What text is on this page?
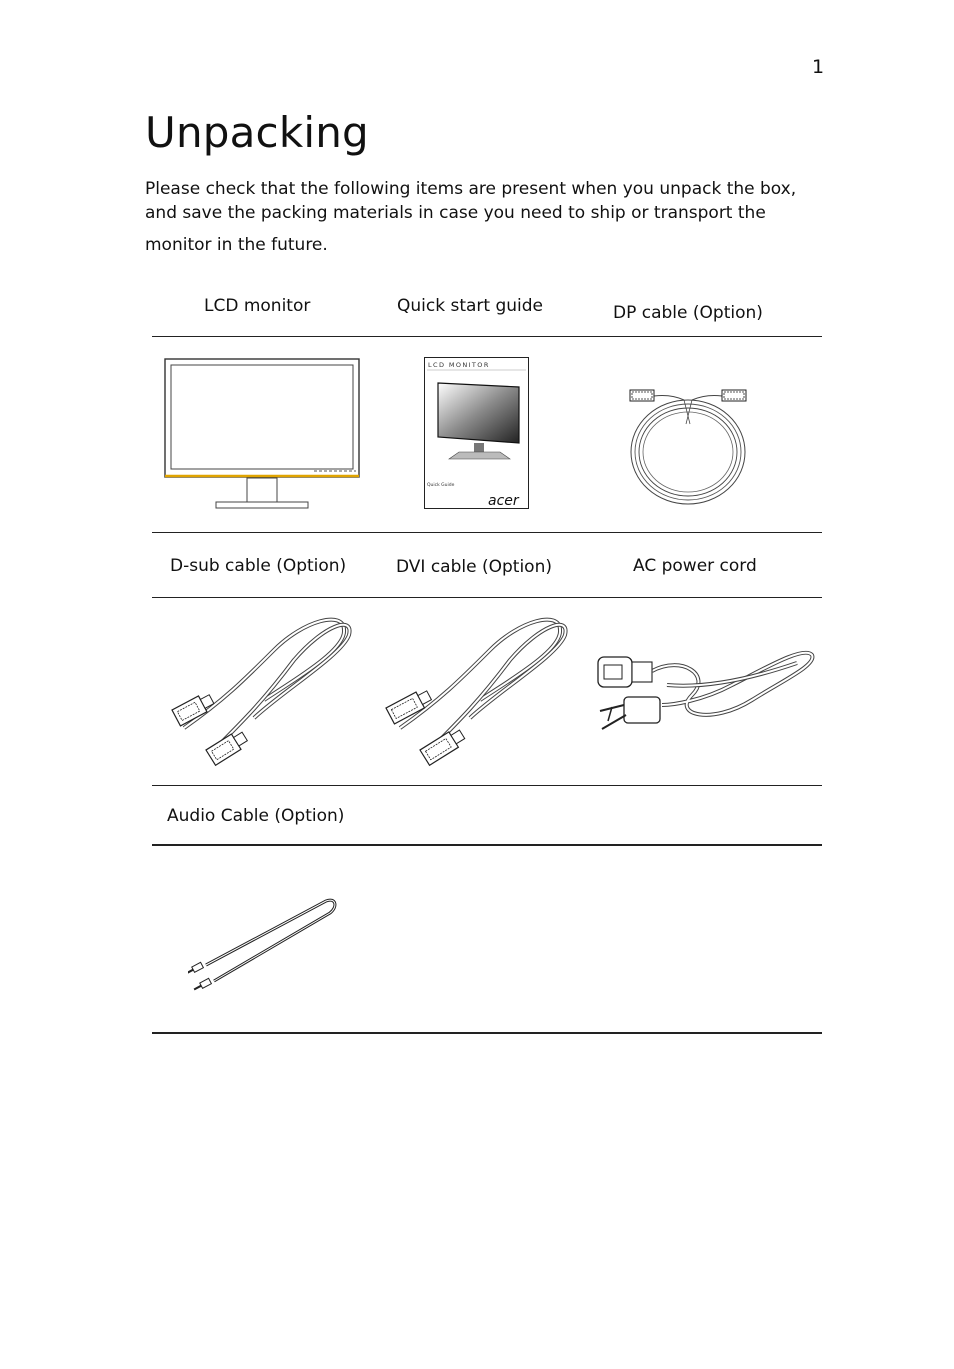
1
Unpacking
Please check that the following items are present when you unpack the box,
and save the packing materials in case you need to ship or transport the
monitor in the future.
LCD monitor	Quick start guide	DP cable (Option)
LCD MONITOR
Quick Guide
acer
D-sub cable (Option)	DVI cable (Option)	AC power cord
Audio Cable (Option)
